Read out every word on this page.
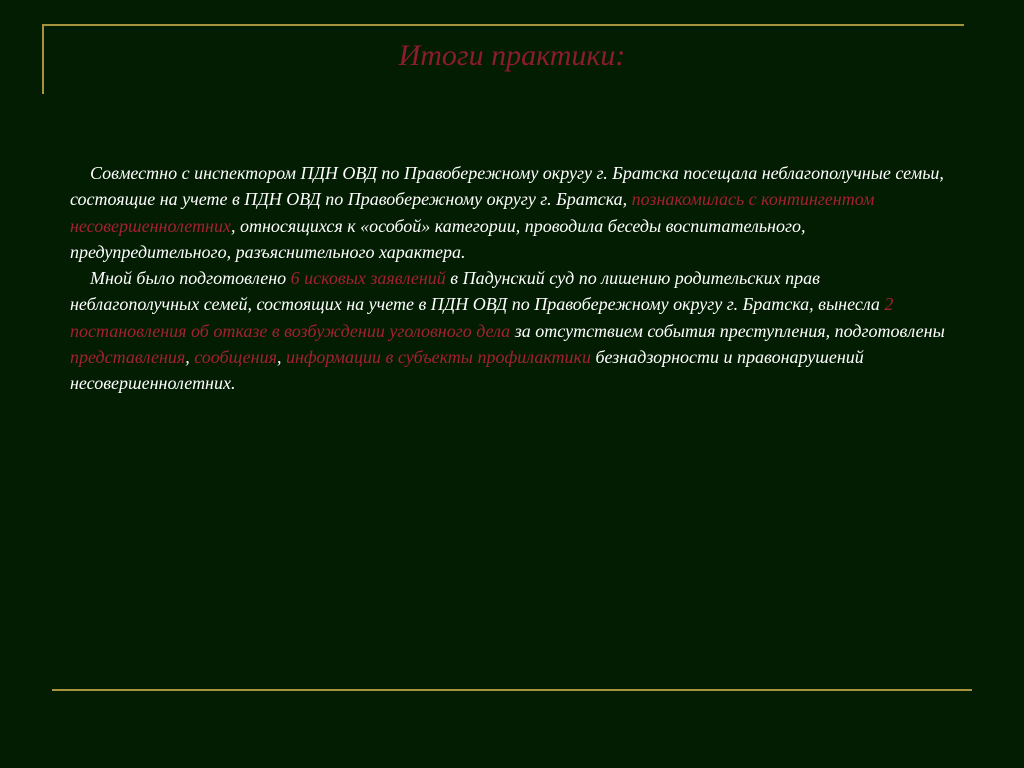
Итоги практики:

Совместно с инспектором ПДН ОВД по Правобережному округу г. Братска посещала неблагополучные семьи, состоящие на учете в ПДН ОВД по Правобережному округу г. Братска, познакомилась с контингентом несовершеннолетних, относящихся к «особой» категории, проводила беседы воспитательного, предупредительного, разъяснительного характера.

Мной было подготовлено 6 исковых заявлений в Падунский суд по лишению родительских прав неблагополучных семей, состоящих на учете в ПДН ОВД по Правобережному округу г. Братска, вынесла 2 постановления об отказе в возбуждении уголовного дела за отсутствием события преступления, подготовлены представления, сообщения, информации в субъекты профилактики безнадзорности и правонарушений несовершеннолетних.
